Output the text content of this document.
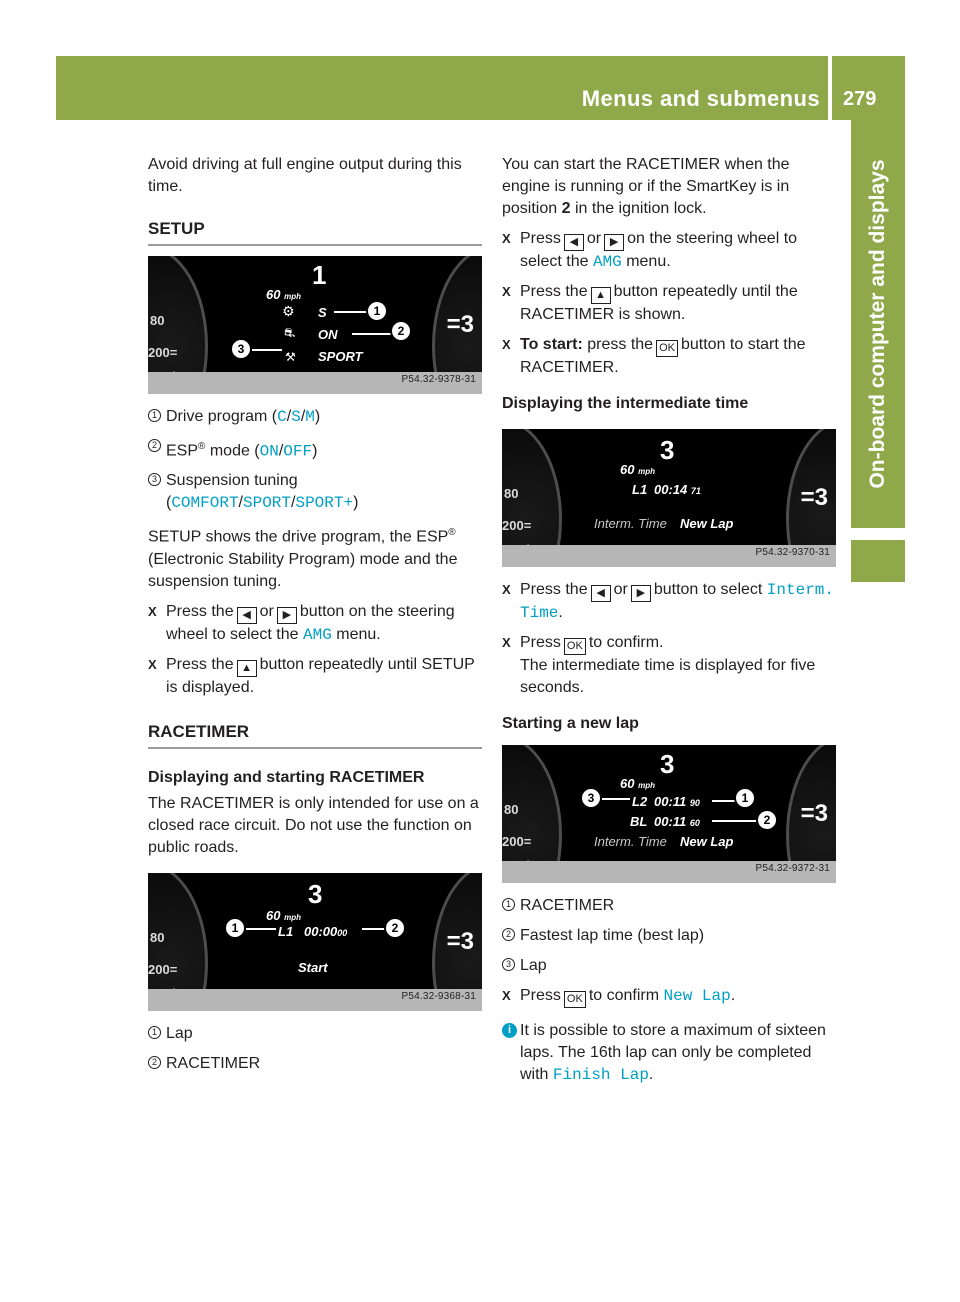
Menus and submenus 279
On-board computer and displays

Avoid driving at full engine output during this time.

SETUP
80
200=
=3
60 mph
1
S
ON
SPORT
⚙
⛐
⚒
1
2
3
P54.32-9378-31
1 Drive program (C/S/M)
2 ESP® mode (ON/OFF)
3 Suspension tuning (COMFORT/SPORT/SPORT+)

SETUP shows the drive program, the ESP® (Electronic Stability Program) mode and the suspension tuning.

X Press the ◀ or ▶ button on the steering wheel to select the AMG menu.
X Press the ▲ button repeatedly until SETUP is displayed.
RACETIMER
Displaying and starting RACETIMER

The RACETIMER is only intended for use on a closed race circuit. Do not use the function on public roads.

80
200=
=3
60 mph
3
L1 00:0000
Start
1	2
P54.32-9368-31
1 Lap
2 RACETIMER

You can start the RACETIMER when the engine is running or if the SmartKey is in position 2 in the ignition lock.

X Press ◀ or ▶ on the steering wheel to select the AMG menu.
X Press the ▲ button repeatedly until the RACETIMER is shown.
X To start: press the OK button to start the RACETIMER.
Displaying the intermediate time
80
200=
=3
60 mph
3
L1 00:14 71
Interm. Time New Lap
P54.32-9370-31
X Press the ◀ or ▶ button to select Interm. Time.
X Press OK to confirm.
The intermediate time is displayed for five seconds.
Starting a new lap
80
200=
=3
60 mph
3
L2 00:11 90
BL 00:11 60
Interm. Time New Lap
1
2
3
P54.32-9372-31
1 RACETIMER
2 Fastest lap time (best lap)
3 Lap
X Press OK to confirm New Lap.
i It is possible to store a maximum of sixteen laps. The 16th lap can only be completed with Finish Lap.
